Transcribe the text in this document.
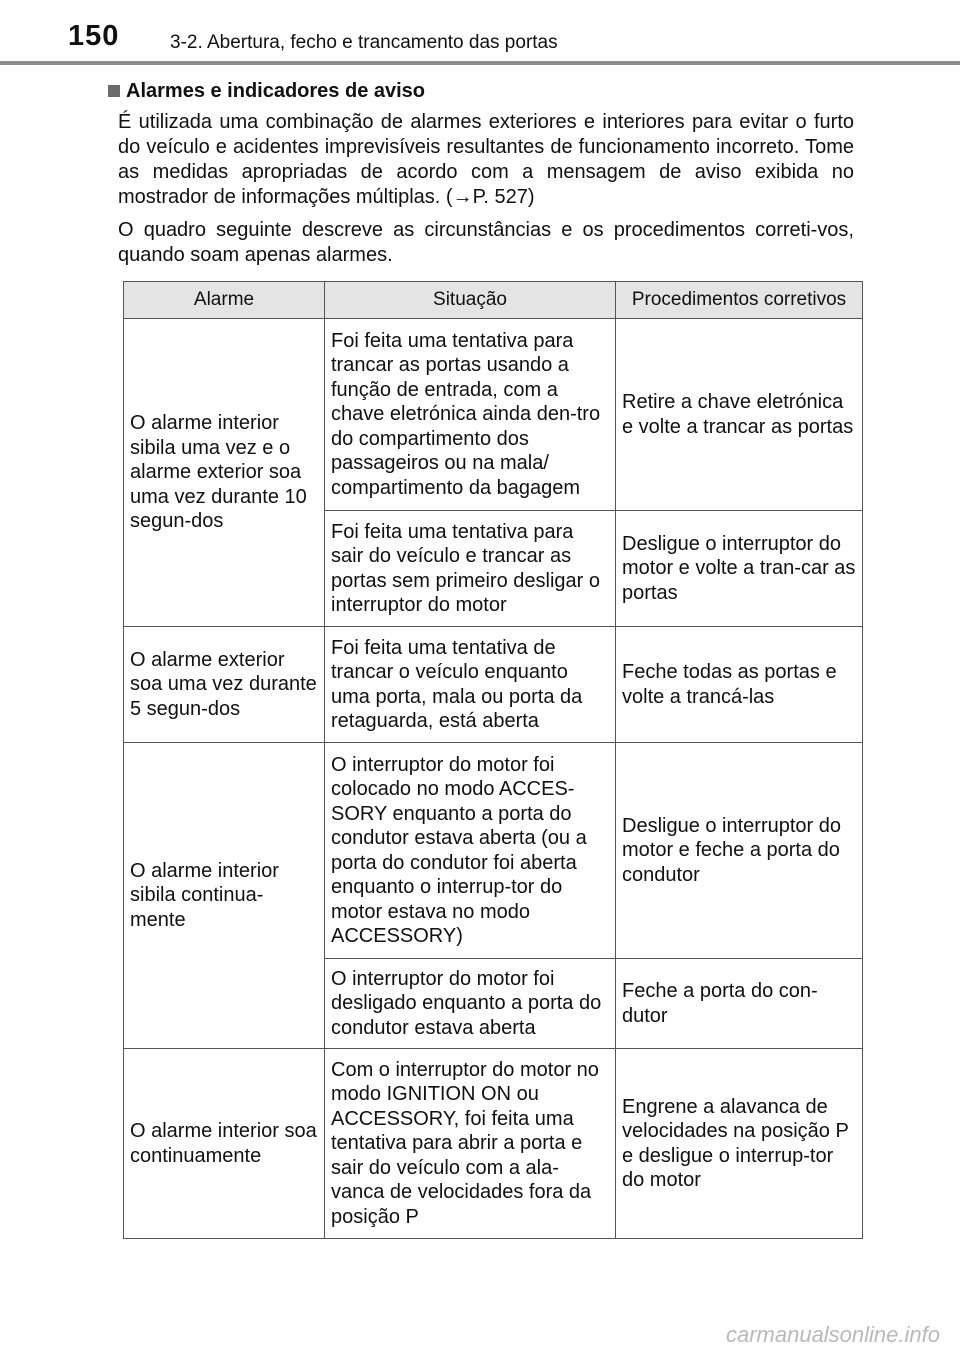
150	3-2. Abertura, fecho e trancamento das portas
Alarmes e indicadores de aviso

É utilizada uma combinação de alarmes exteriores e interiores para evitar o furto do veículo e acidentes imprevisíveis resultantes de funcionamento incorreto. Tome as medidas apropriadas de acordo com a mensagem de aviso exibida no mostrador de informações múltiplas. (→P. 527)

O quadro seguinte descreve as circunstâncias e os procedimentos correti-vos, quando soam apenas alarmes.

Alarme	Situação	Procedimentos corretivos
O alarme interior sibila uma vez e o alarme exterior soa uma vez durante 10 segun-dos	Foi feita uma tentativa para trancar as portas usando a função de entrada, com a chave eletrónica ainda den-tro do compartimento dos passageiros ou na mala/ compartimento da bagagem	Retire a chave eletrónica e volte a trancar as portas
	Foi feita uma tentativa para sair do veículo e trancar as portas sem primeiro desligar o interruptor do motor	Desligue o interruptor do motor e volte a tran-car as portas
O alarme exterior soa uma vez durante 5 segun-dos	Foi feita uma tentativa de trancar o veículo enquanto uma porta, mala ou porta da retaguarda, está aberta	Feche todas as portas e volte a trancá-las
O alarme interior sibila continua-mente	O interruptor do motor foi colocado no modo ACCES-SORY enquanto a porta do condutor estava aberta (ou a porta do condutor foi aberta enquanto o interrup-tor do motor estava no modo ACCESSORY)	Desligue o interruptor do motor e feche a porta do condutor
	O interruptor do motor foi desligado enquanto a porta do condutor estava aberta	Feche a porta do con-dutor
O alarme interior soa continuamente	Com o interruptor do motor no modo IGNITION ON ou ACCESSORY, foi feita uma tentativa para abrir a porta e sair do veículo com a ala-vanca de velocidades fora da posição P	Engrene a alavanca de velocidades na posição P e desligue o interrup-tor do motor
carmanualsonline.info
